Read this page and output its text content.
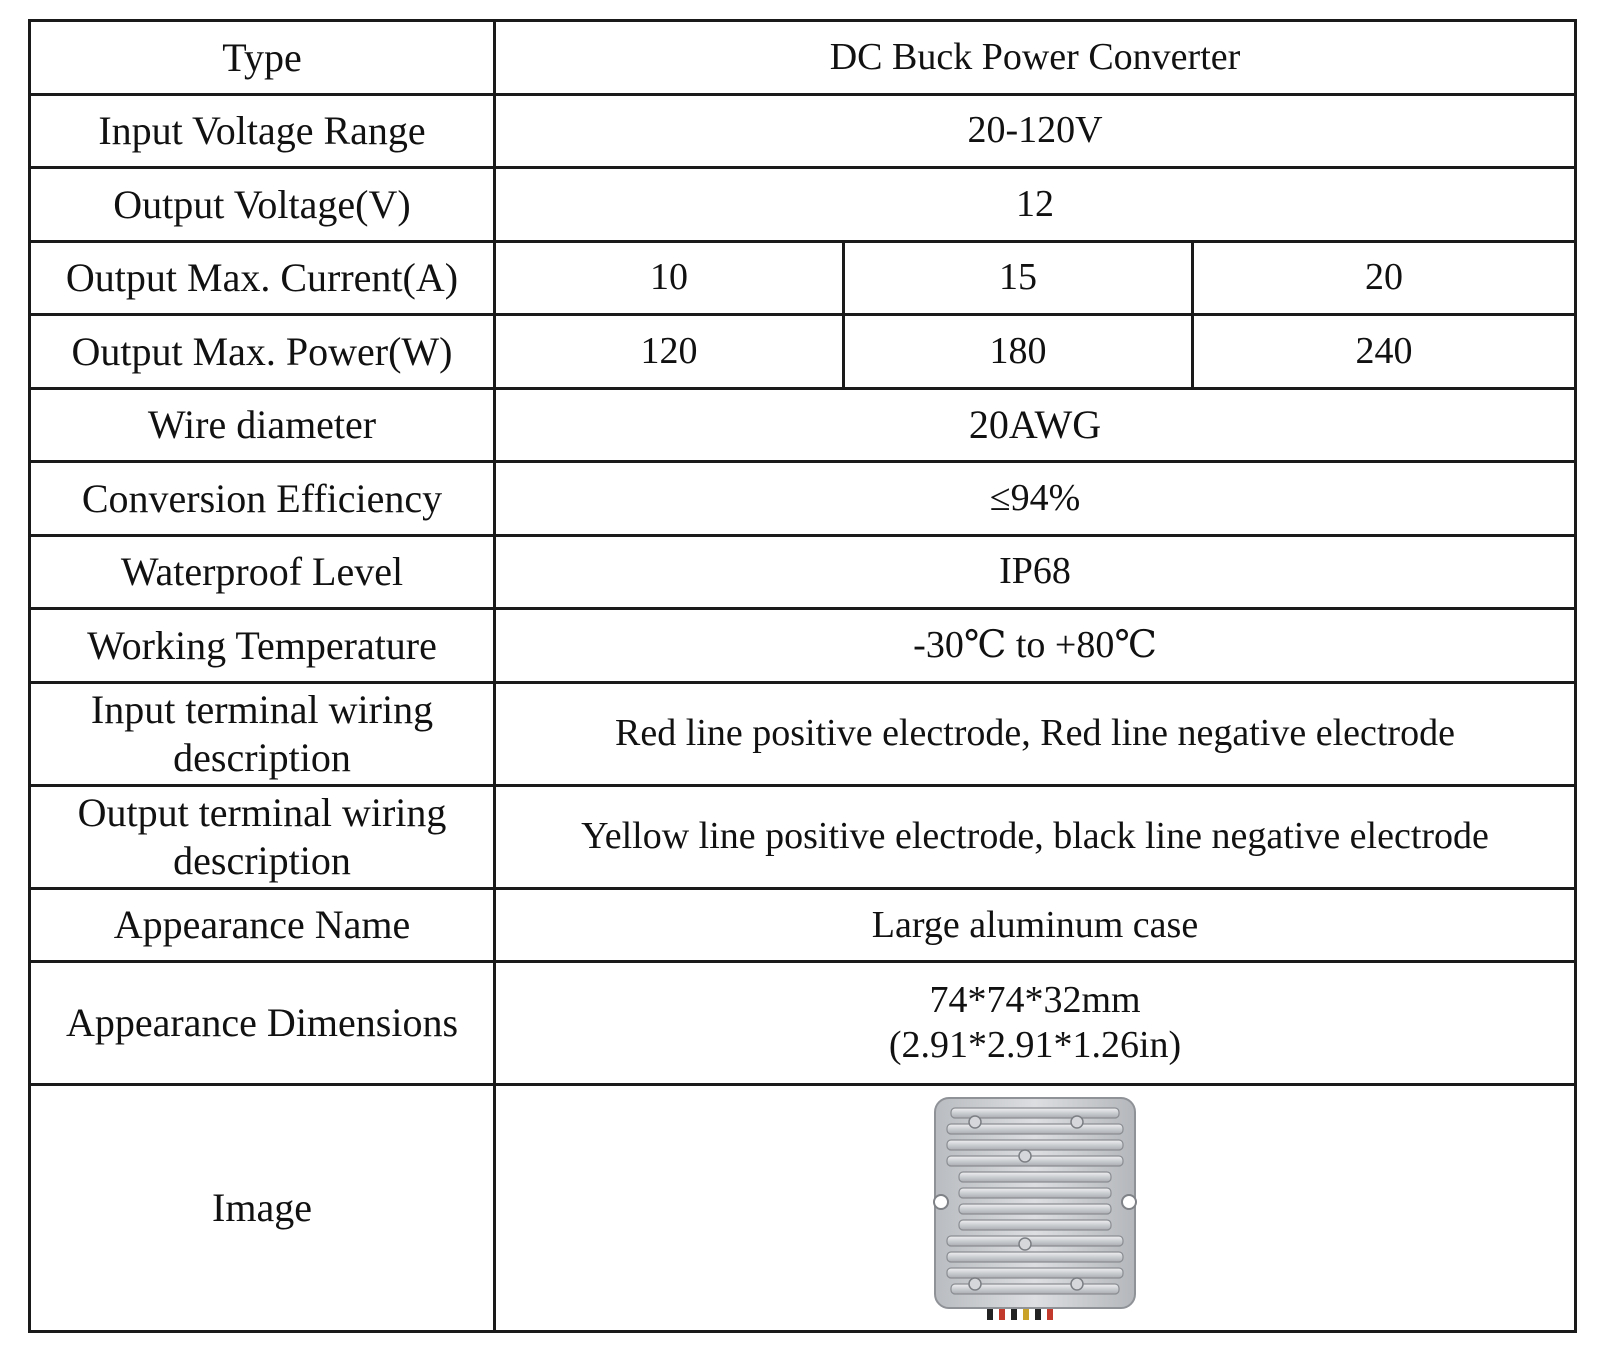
Type	DC Buck Power Converter		
Input Voltage Range	20-120V		
Output Voltage(V)	12		
Output Max. Current(A)	10	15	20
Output Max. Power(W)	120	180	240
Wire diameter	20AWG		
Conversion Efficiency	≤94%		
Waterproof Level	IP68		
Working Temperature	-30℃ to +80℃		

Input terminal wiring
description	Red line positive electrode, Red line negative electrode		

Output terminal wiring
description	Yellow line positive electrode, black line negative electrode		
Appearance Name	Large aluminum case		
Appearance Dimensions	74*74*32mm
(2.91*2.91*1.26in)		

Image	
